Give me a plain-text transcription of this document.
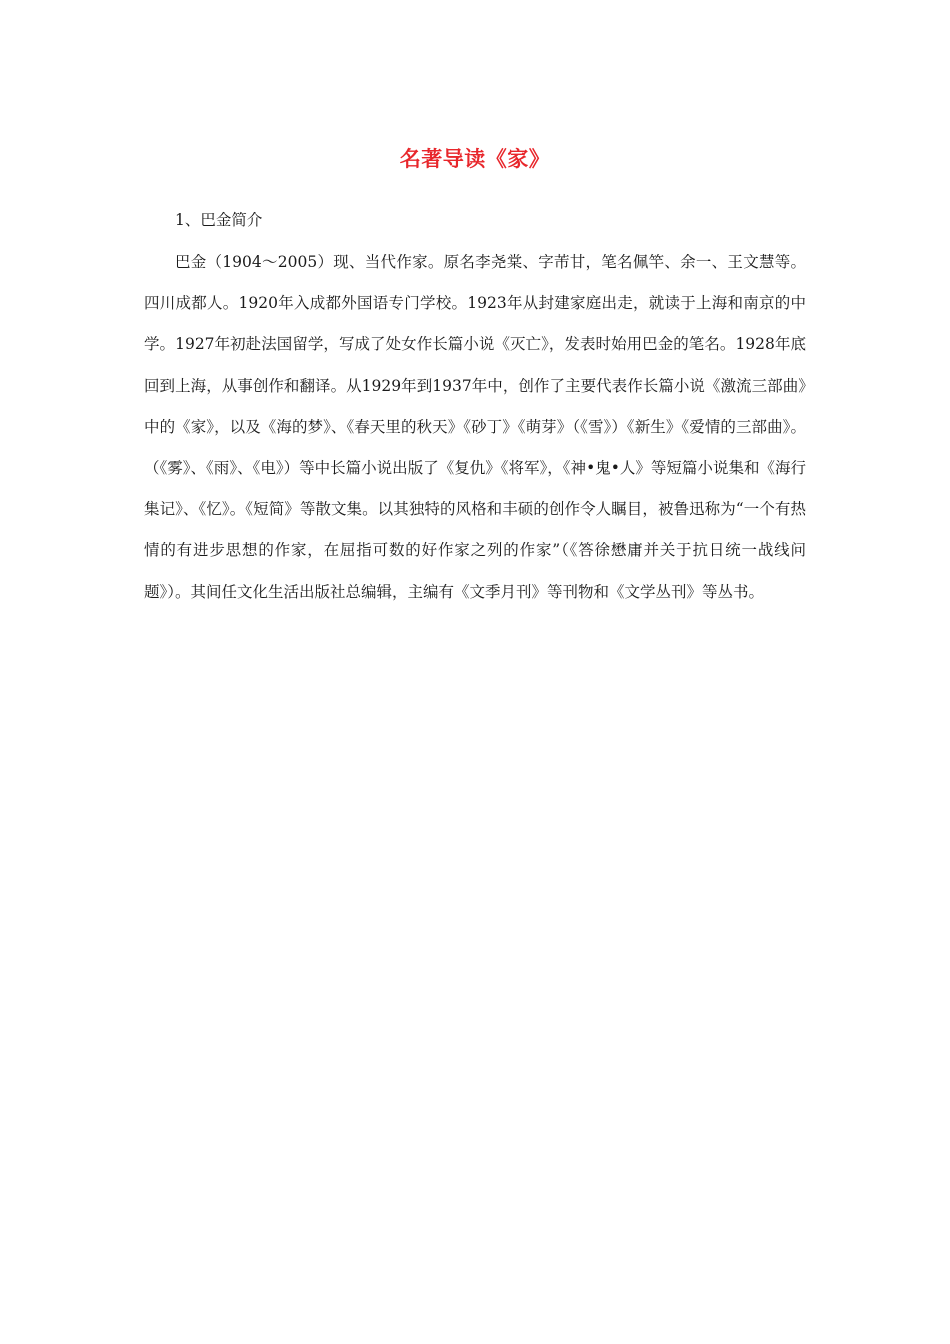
名著导读《家》
1、巴金简介

巴金（1904～2005）现、当代作家。原名李尧棠、字芾甘，笔名佩竿、余一、王文慧等。四川成都人。1920年入成都外国语专门学校。1923年从封建家庭出走，就读于上海和南京的中学。1927年初赴法国留学，写成了处女作长篇小说《灭亡》，发表时始用巴金的笔名。1928年底回到上海，从事创作和翻译。从1929年到1937年中，创作了主要代表作长篇小说《激流三部曲》中的《家》，以及《海的梦》、《春天里的秋天》《砂丁》《萌芽》（《雪》）《新生》《爱情的三部曲》。（《雾》、《雨》、《电》）等中长篇小说出版了《复仇》《将军》，《神•鬼•人》等短篇小说集和《海行集记》、《忆》。《短简》等散文集。以其独特的风格和丰硕的创作令人瞩目，被鲁迅称为“一个有热情的有进步思想的作家，在屈指可数的好作家之列的作家”（《答徐懋庸并关于抗日统一战线问题》）。其间任文化生活出版社总编辑，主编有《文季月刊》等刊物和《文学丛刊》等丛书。
